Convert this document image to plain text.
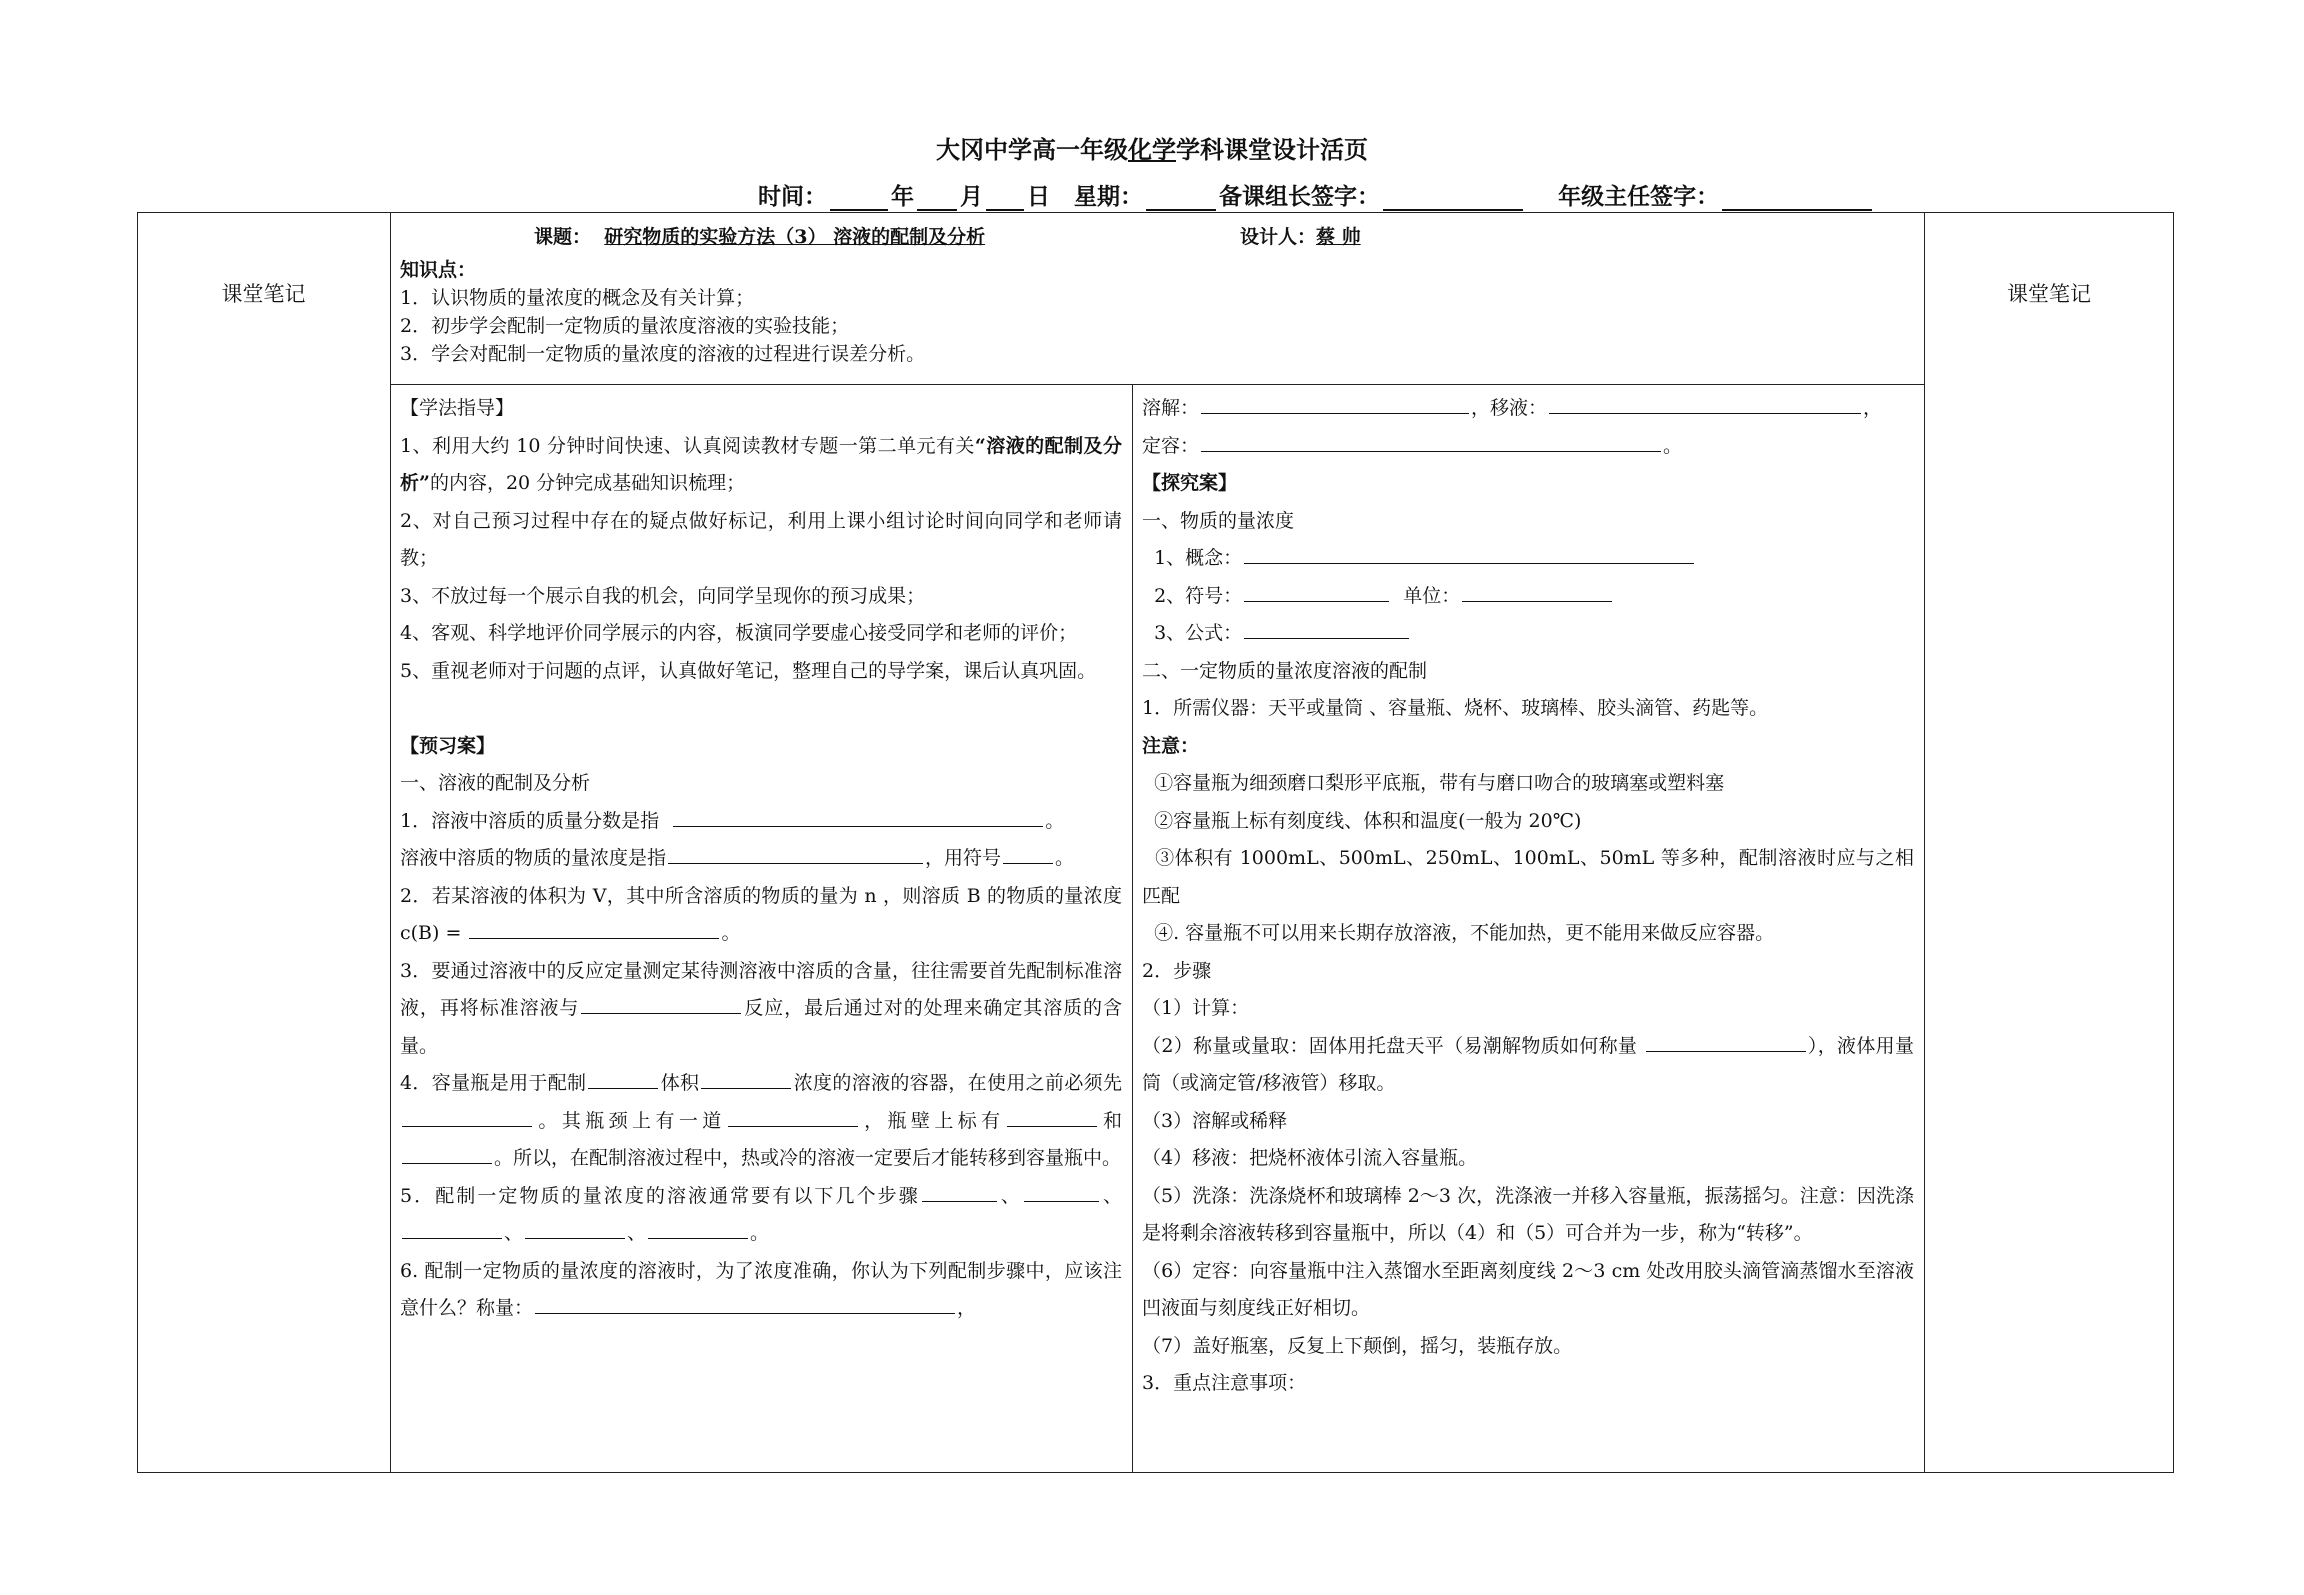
大冈中学高一年级化学学科课堂设计活页
时间：	年 月 日 星期：	备课组长签字：	年级主任签字：
课堂笔记	课堂笔记
课题： 研究物质的实验方法（3） 溶液的配制及分析	设计人：蔡 帅

知识点：

1．认识物质的量浓度的概念及有关计算；

2．初步学会配制一定物质的量浓度溶液的实验技能；

3．学会对配制一定物质的量浓度的溶液的过程进行误差分析。

【学法指导】

1、利用大约 10 分钟时间快速、认真阅读教材专题一第二单元有关“溶液的配制及分析”的内容，20 分钟完成基础知识梳理；

2、对自己预习过程中存在的疑点做好标记，利用上课小组讨论时间向同学和老师请教；

3、不放过每一个展示自我的机会，向同学呈现你的预习成果；

4、客观、科学地评价同学展示的内容，板演同学要虚心接受同学和老师的评价；

5、重视老师对于问题的点评，认真做好笔记，整理自己的导学案，课后认真巩固。

【预习案】

一、溶液的配制及分析

1．溶液中溶质的质量分数是指	。

溶液中溶质的物质的量浓度是指	，用符号	。

2．若某溶液的体积为 V，其中所含溶质的物质的量为 n ，则溶质 B 的物质的量浓度 c(B) =	。

3．要通过溶液中的反应定量测定某待测溶液中溶质的含量，往往需要首先配制标准溶液，再将标准溶液与	反应，最后通过对的处理来确定其溶质的含量。

4．容量瓶是用于配制	体积	浓度的溶液的容器，在使用之前必须先。其瓶颈上有一道	，瓶壁上标有	和。所以，在配制溶液过程中，热或冷的溶液一定要后才能转移到容量瓶中。

5．配制一定物质的量浓度的溶液通常要有以下几个步骤	、	、、	、	。

6. 配制一定物质的量浓度的溶液时，为了浓度准确，你认为下列配制步骤中，应该注意什么？称量：	，

溶解：	，移液：	，

定容：	。

【探究案】

一、物质的量浓度

1、概念：

2、符号：	单位：

3、公式：

二、一定物质的量浓度溶液的配制

1．所需仪器：天平或量筒 、容量瓶、烧杯、玻璃棒、胶头滴管、药匙等。

注意：

①容量瓶为细颈磨口梨形平底瓶，带有与磨口吻合的玻璃塞或塑料塞

②容量瓶上标有刻度线、体积和温度(一般为 20℃)

③体积有 1000mL、500mL、250mL、100mL、50mL 等多种，配制溶液时应与之相匹配

④. 容量瓶不可以用来长期存放溶液，不能加热，更不能用来做反应容器。

2．步骤

（1）计算：

（2）称量或量取：固体用托盘天平（易潮解物质如何称量	），液体用量筒（或滴定管/移液管）移取。

（3）溶解或稀释

（4）移液：把烧杯液体引流入容量瓶。

（5）洗涤：洗涤烧杯和玻璃棒 2～3 次，洗涤液一并移入容量瓶，振荡摇匀。注意：因洗涤是将剩余溶液转移到容量瓶中，所以（4）和（5）可合并为一步，称为“转移”。

（6）定容：向容量瓶中注入蒸馏水至距离刻度线 2～3 cm 处改用胶头滴管滴蒸馏水至溶液凹液面与刻度线正好相切。

（7）盖好瓶塞，反复上下颠倒，摇匀，装瓶存放。

3．重点注意事项：
